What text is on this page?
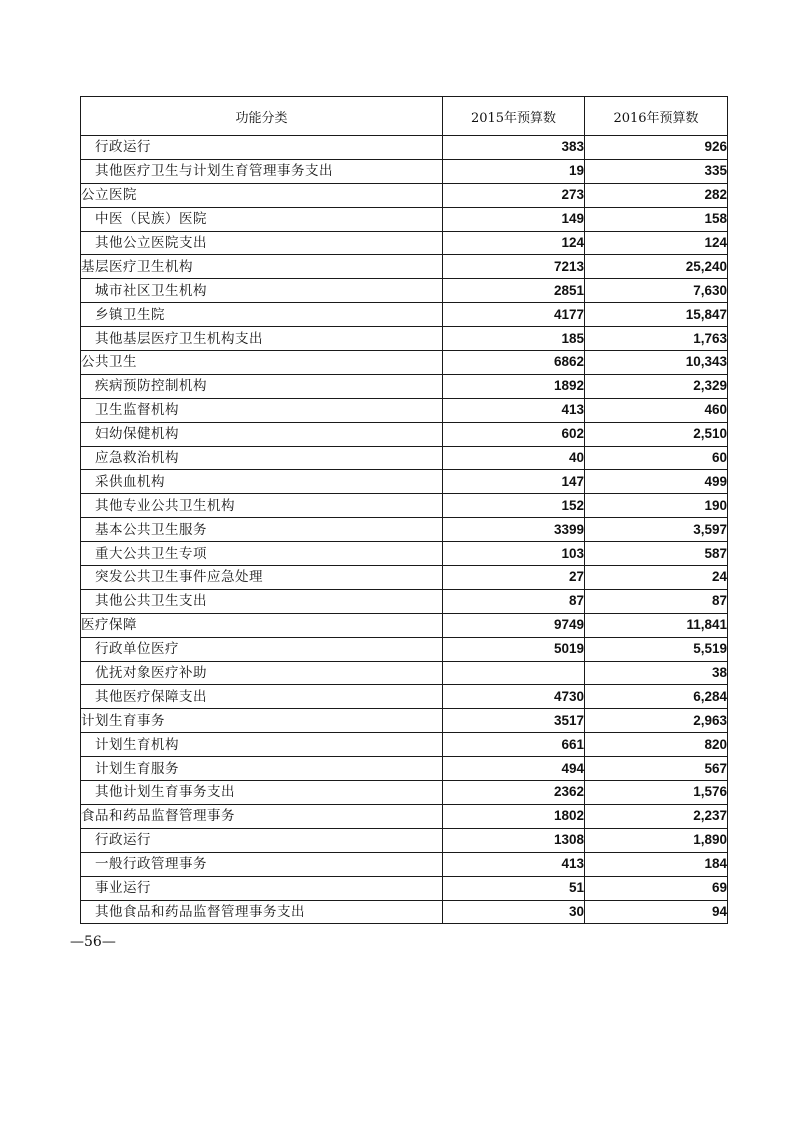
功能分类	2015年预算数	2016年预算数
行政运行	383	926
其他医疗卫生与计划生育管理事务支出	19	335
公立医院	273	282
中医（民族）医院	149	158
其他公立医院支出	124	124
基层医疗卫生机构	7213	25,240
城市社区卫生机构	2851	7,630
乡镇卫生院	4177	15,847
其他基层医疗卫生机构支出	185	1,763
公共卫生	6862	10,343
疾病预防控制机构	1892	2,329
卫生监督机构	413	460
妇幼保健机构	602	2,510
应急救治机构	40	60
采供血机构	147	499
其他专业公共卫生机构	152	190
基本公共卫生服务	3399	3,597
重大公共卫生专项	103	587
突发公共卫生事件应急处理	27	24
其他公共卫生支出	87	87
医疗保障	9749	11,841
行政单位医疗	5019	5,519
优抚对象医疗补助		38
其他医疗保障支出	4730	6,284
计划生育事务	3517	2,963
计划生育机构	661	820
计划生育服务	494	567
其他计划生育事务支出	2362	1,576
食品和药品监督管理事务	1802	2,237
行政运行	1308	1,890
一般行政管理事务	413	184
事业运行	51	69
其他食品和药品监督管理事务支出	30	94
—56—
